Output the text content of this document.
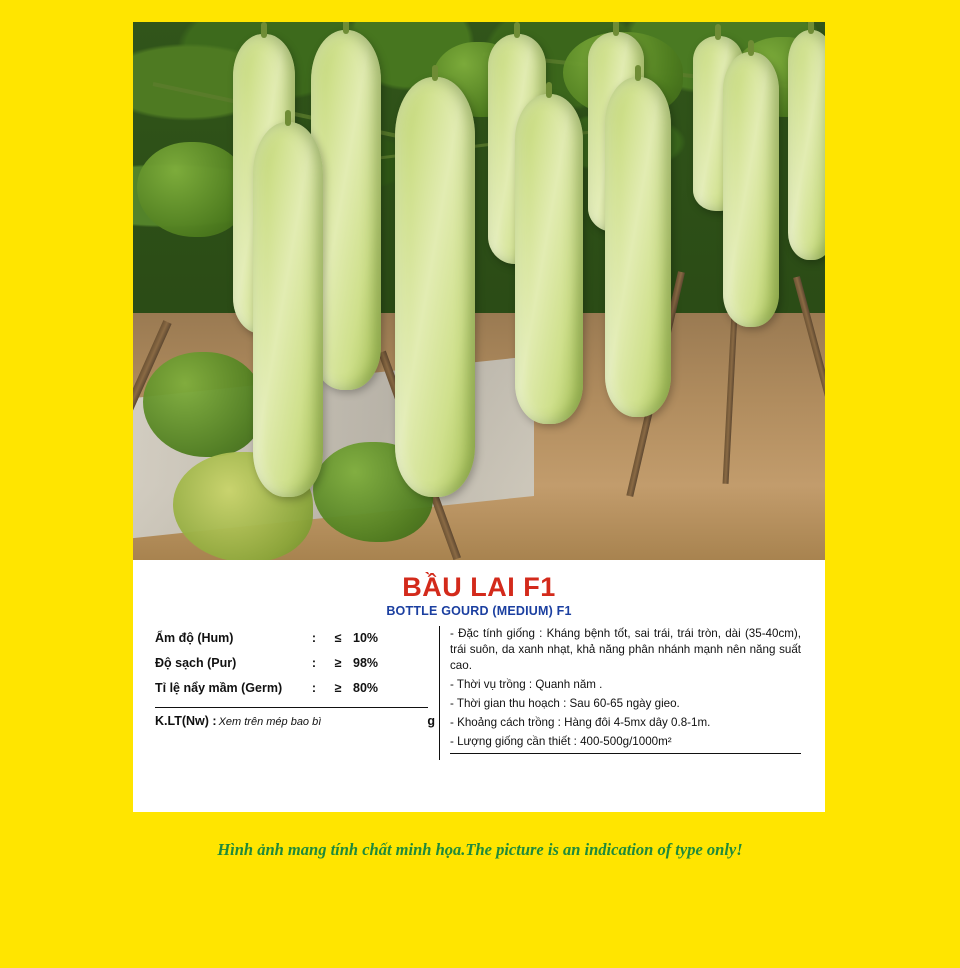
BẦU LAI F1
BOTTLE GOURD (MEDIUM) F1
Ẩm độ (Hum)	:	≤	10%
Độ sạch (Pur)	:	≥	98%
Tỉ lệ nẩy mầm (Germ)	:	≥	80%
K.LT(Nw) : Xem trên mép bao bì	g
- Đặc tính giống : Kháng bệnh tốt, sai trái, trái tròn, dài (35-40cm), trái suôn, da xanh nhạt, khả năng phân nhánh mạnh nên năng suất cao.
- Thời vụ trồng : Quanh năm .
- Thời gian thu hoạch : Sau 60-65 ngày gieo.
- Khoảng cách trồng : Hàng đôi 4-5mx dây 0.8-1m.
- Lượng giống cần thiết : 400-500g/1000m²
Hình ảnh mang tính chất minh họa.The picture is an indication of type only!
